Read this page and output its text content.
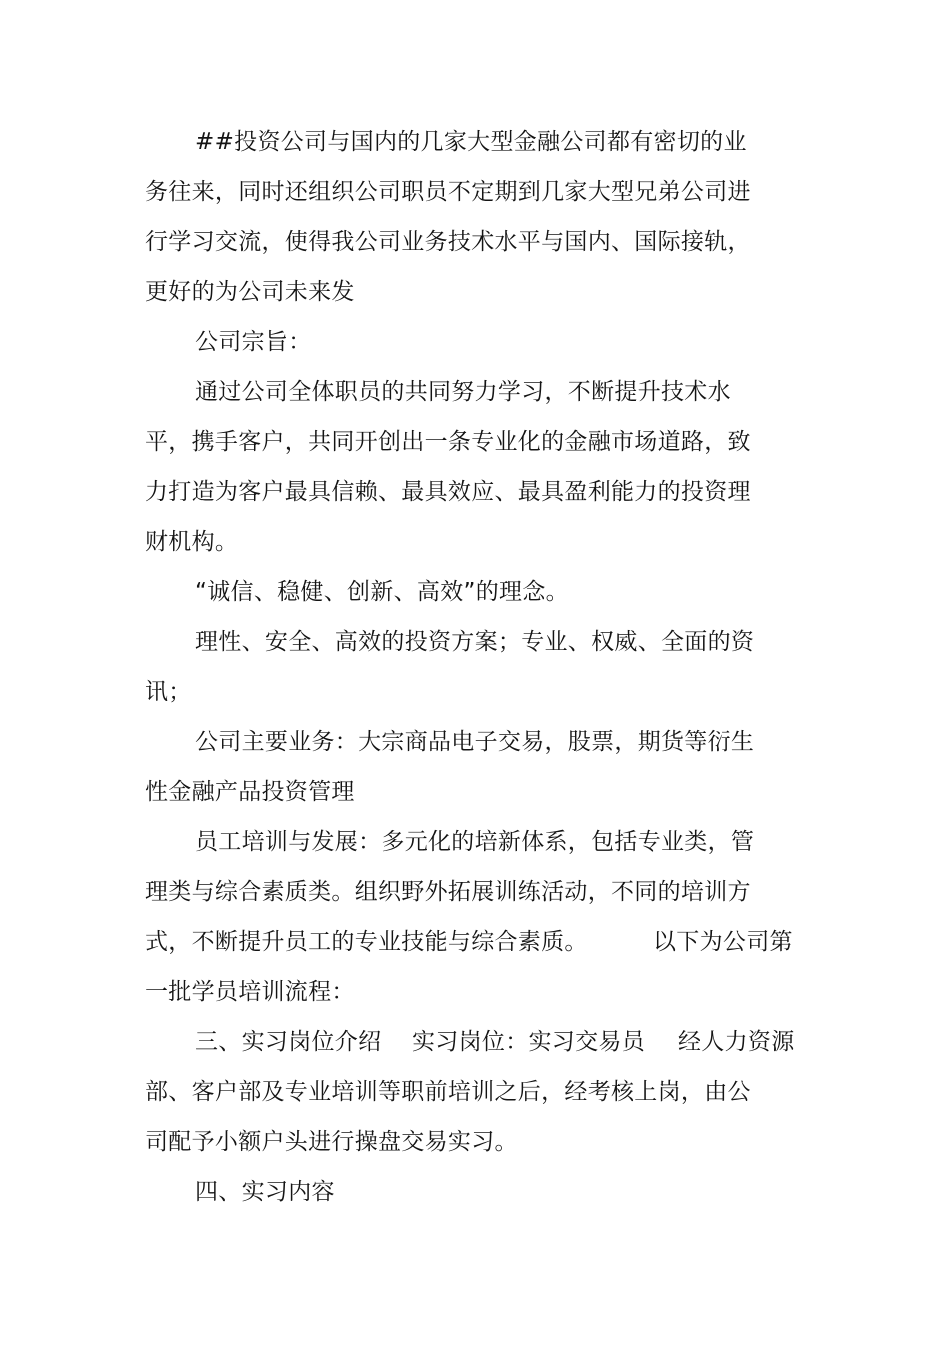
##投资公司与国内的几家大型金融公司都有密切的业
务往来，同时还组织公司职员不定期到几家大型兄弟公司进
行学习交流，使得我公司业务技术水平与国内、国际接轨，
更好的为公司未来发
公司宗旨：
通过公司全体职员的共同努力学习，不断提升技术水
平，携手客户，共同开创出一条专业化的金融市场道路，致
力打造为客户最具信赖、最具效应、最具盈利能力的投资理
财机构。
“诚信、稳健、创新、高效”的理念。
理性、安全、高效的投资方案；专业、权威、全面的资
讯；
公司主要业务：大宗商品电子交易，股票，期货等衍生
性金融产品投资管理
员工培训与发展：多元化的培新体系，包括专业类，管
理类与综合素质类。组织野外拓展训练活动，不同的培训方
式，不断提升员工的专业技能与综合素质。	以下为公司第
一批学员培训流程：
三、实习岗位介绍 实习岗位：实习交易员 经人力资源
部、客户部及专业培训等职前培训之后，经考核上岗，由公
司配予小额户头进行操盘交易实习。
四、实习内容
